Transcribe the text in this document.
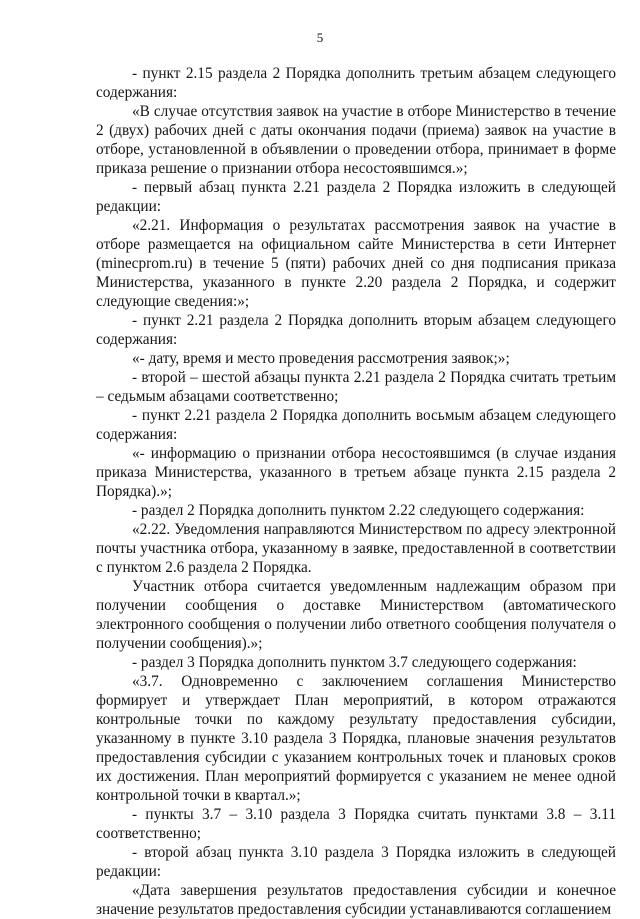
5

- пункт 2.15 раздела 2 Порядка дополнить третьим абзацем следующего содержания:

«В случае отсутствия заявок на участие в отборе Министерство в течение 2 (двух) рабочих дней с даты окончания подачи (приема) заявок на участие в отборе, установленной в объявлении о проведении отбора, принимает в форме приказа решение о признании отбора несостоявшимся.»;

- первый абзац пункта 2.21 раздела 2 Порядка изложить в следующей редакции:

«2.21. Информация о результатах рассмотрения заявок на участие в отборе размещается на официальном сайте Министерства в сети Интернет (minecprom.ru) в течение 5 (пяти) рабочих дней со дня подписания приказа Министерства, указанного в пункте 2.20 раздела 2 Порядка, и содержит следующие сведения:»;

- пункт 2.21 раздела 2 Порядка дополнить вторым абзацем следующего содержания:

«- дату, время и место проведения рассмотрения заявок;»;

- второй – шестой абзацы пункта 2.21 раздела 2 Порядка считать третьим – седьмым абзацами соответственно;

- пункт 2.21 раздела 2 Порядка дополнить восьмым абзацем следующего содержания:

«- информацию о признании отбора несостоявшимся (в случае издания приказа Министерства, указанного в третьем абзаце пункта 2.15 раздела 2 Порядка).»;

- раздел 2 Порядка дополнить пунктом 2.22 следующего содержания:

«2.22. Уведомления направляются Министерством по адресу электронной почты участника отбора, указанному в заявке, предоставленной в соответствии с пунктом 2.6 раздела 2 Порядка.

Участник отбора считается уведомленным надлежащим образом при получении сообщения о доставке Министерством (автоматического электронного сообщения о получении либо ответного сообщения получателя о получении сообщения).»;

- раздел 3 Порядка дополнить пунктом 3.7 следующего содержания:

«3.7. Одновременно с заключением соглашения Министерство формирует и утверждает План мероприятий, в котором отражаются контрольные точки по каждому результату предоставления субсидии, указанному в пункте 3.10 раздела 3 Порядка, плановые значения результатов предоставления субсидии с указанием контрольных точек и плановых сроков их достижения. План мероприятий формируется с указанием не менее одной контрольной точки в квартал.»;

- пункты 3.7 – 3.10 раздела 3 Порядка считать пунктами 3.8 – 3.11 соответственно;

- второй абзац пункта 3.10 раздела 3 Порядка изложить в следующей редакции:

«Дата завершения результатов предоставления субсидии и конечное значение результатов предоставления субсидии устанавливаются соглашением
